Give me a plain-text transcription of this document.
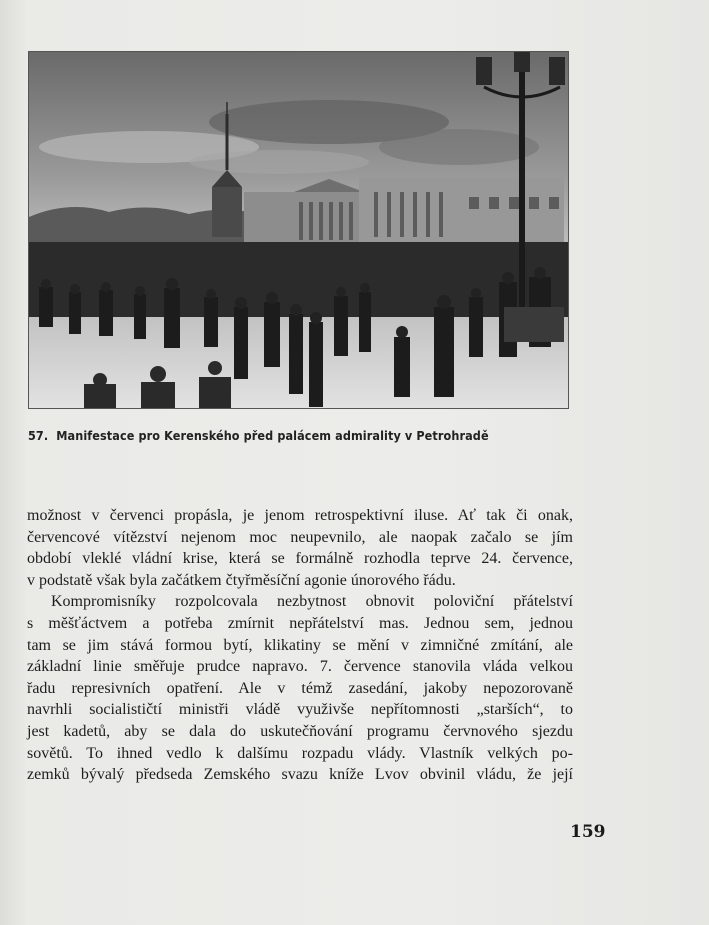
57. Manifestace pro Kerenského před palácem admirality v Petrohradě
možnost v červenci propásla, je jenom retrospektivní iluse. Ať tak či onak,
červencové vítězství nejenom moc neupevnilo, ale naopak začalo se jím
období vleklé vládní krise, která se formálně rozhodla teprve 24. července,
v podstatě však byla začátkem čtyřměsíční agonie únorového řádu.
Kompromisníky rozpolcovala nezbytnost obnovit poloviční přátelství
s měšťáctvem a potřeba zmírnit nepřátelství mas. Jednou sem, jednou
tam se jim stává formou bytí, klikatiny se mění v zimničné zmítání, ale
základní linie směřuje prudce napravo. 7. července stanovila vláda velkou
řadu represivních opatření. Ale v témž zasedání, jakoby nepozorovaně
navrhli socialističtí ministři vládě využivše nepřítomnosti „starších“, to
jest kadetů, aby se dala do uskutečňování programu červnového sjezdu
sovětů. To ihned vedlo k dalšímu rozpadu vlády. Vlastník velkých po-
zemků bývalý předseda Zemského svazu kníže Lvov obvinil vládu, že její
159
